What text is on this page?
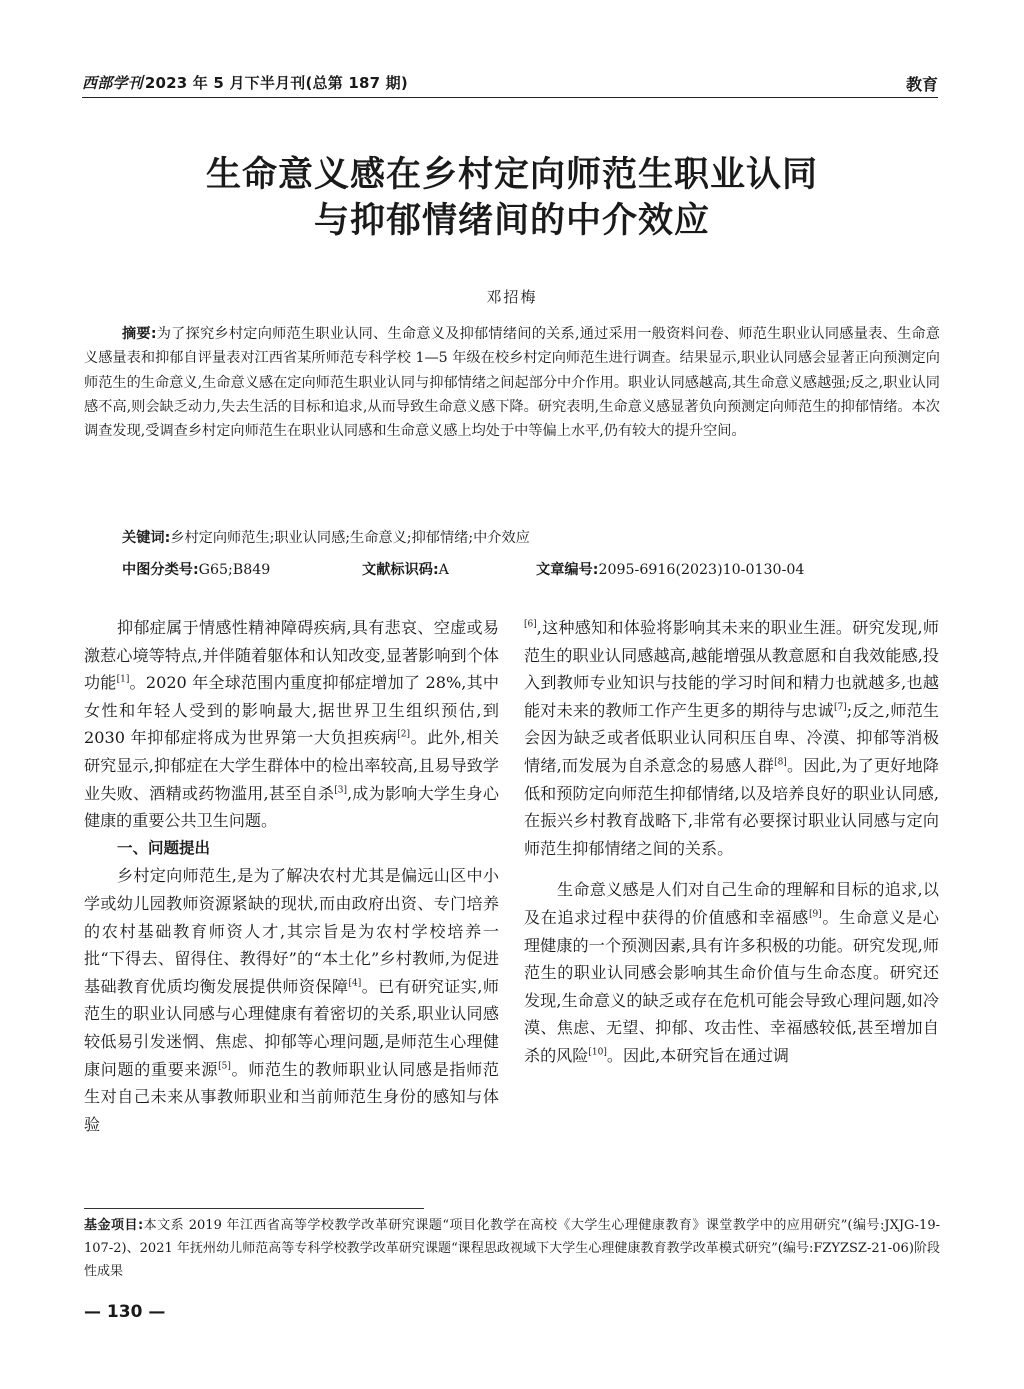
西部学刊 2023 年 5 月下半月刊(总第 187 期)	教育
生命意义感在乡村定向师范生职业认同
与抑郁情绪间的中介效应
邓招梅

摘要:为了探究乡村定向师范生职业认同、生命意义及抑郁情绪间的关系,通过采用一般资料问卷、师范生职业认同感量表、生命意义感量表和抑郁自评量表对江西省某所师范专科学校 1—5 年级在校乡村定向师范生进行调查。结果显示,职业认同感会显著正向预测定向师范生的生命意义,生命意义感在定向师范生职业认同与抑郁情绪之间起部分中介作用。职业认同感越高,其生命意义感越强;反之,职业认同感不高,则会缺乏动力,失去生活的目标和追求,从而导致生命意义感下降。研究表明,生命意义感显著负向预测定向师范生的抑郁情绪。本次调查发现,受调查乡村定向师范生在职业认同感和生命意义感上均处于中等偏上水平,仍有较大的提升空间。

关键词:乡村定向师范生;职业认同感;生命意义;抑郁情绪;中介效应
中图分类号:G65;B849	文献标识码:A	文章编号:2095-6916(2023)10-0130-04

抑郁症属于情感性精神障碍疾病,具有悲哀、空虚或易激惹心境等特点,并伴随着躯体和认知改变,显著影响到个体功能[1]。2020 年全球范围内重度抑郁症增加了 28%,其中女性和年轻人受到的影响最大,据世界卫生组织预估,到 2030 年抑郁症将成为世界第一大负担疾病[2]。此外,相关研究显示,抑郁症在大学生群体中的检出率较高,且易导致学业失败、酒精或药物滥用,甚至自杀[3],成为影响大学生身心健康的重要公共卫生问题。

一、问题提出

乡村定向师范生,是为了解决农村尤其是偏远山区中小学或幼儿园教师资源紧缺的现状,而由政府出资、专门培养的农村基础教育师资人才,其宗旨是为农村学校培养一批“下得去、留得住、教得好”的“本土化”乡村教师,为促进基础教育优质均衡发展提供师资保障[4]。已有研究证实,师范生的职业认同感与心理健康有着密切的关系,职业认同感较低易引发迷惘、焦虑、抑郁等心理问题,是师范生心理健康问题的重要来源[5]。师范生的教师职业认同感是指师范生对自己未来从事教师职业和当前师范生身份的感知与体验

[6],这种感知和体验将影响其未来的职业生涯。研究发现,师范生的职业认同感越高,越能增强从教意愿和自我效能感,投入到教师专业知识与技能的学习时间和精力也就越多,也越能对未来的教师工作产生更多的期待与忠诚[7];反之,师范生会因为缺乏或者低职业认同积压自卑、冷漠、抑郁等消极情绪,而发展为自杀意念的易感人群[8]。因此,为了更好地降低和预防定向师范生抑郁情绪,以及培养良好的职业认同感,在振兴乡村教育战略下,非常有必要探讨职业认同感与定向师范生抑郁情绪之间的关系。

生命意义感是人们对自己生命的理解和目标的追求,以及在追求过程中获得的价值感和幸福感[9]。生命意义是心理健康的一个预测因素,具有许多积极的功能。研究发现,师范生的职业认同感会影响其生命价值与生命态度。研究还发现,生命意义的缺乏或存在危机可能会导致心理问题,如冷漠、焦虑、无望、抑郁、攻击性、幸福感较低,甚至增加自杀的风险[10]。因此,本研究旨在通过调

基金项目:本文系 2019 年江西省高等学校教学改革研究课题“项目化教学在高校《大学生心理健康教育》课堂教学中的应用研究”(编号:JXJG-19-107-2)、2021 年抚州幼儿师范高等专科学校教学改革研究课题“课程思政视域下大学生心理健康教育教学改革模式研究”(编号:FZYZSZ-21-06)阶段性成果
— 130 —
